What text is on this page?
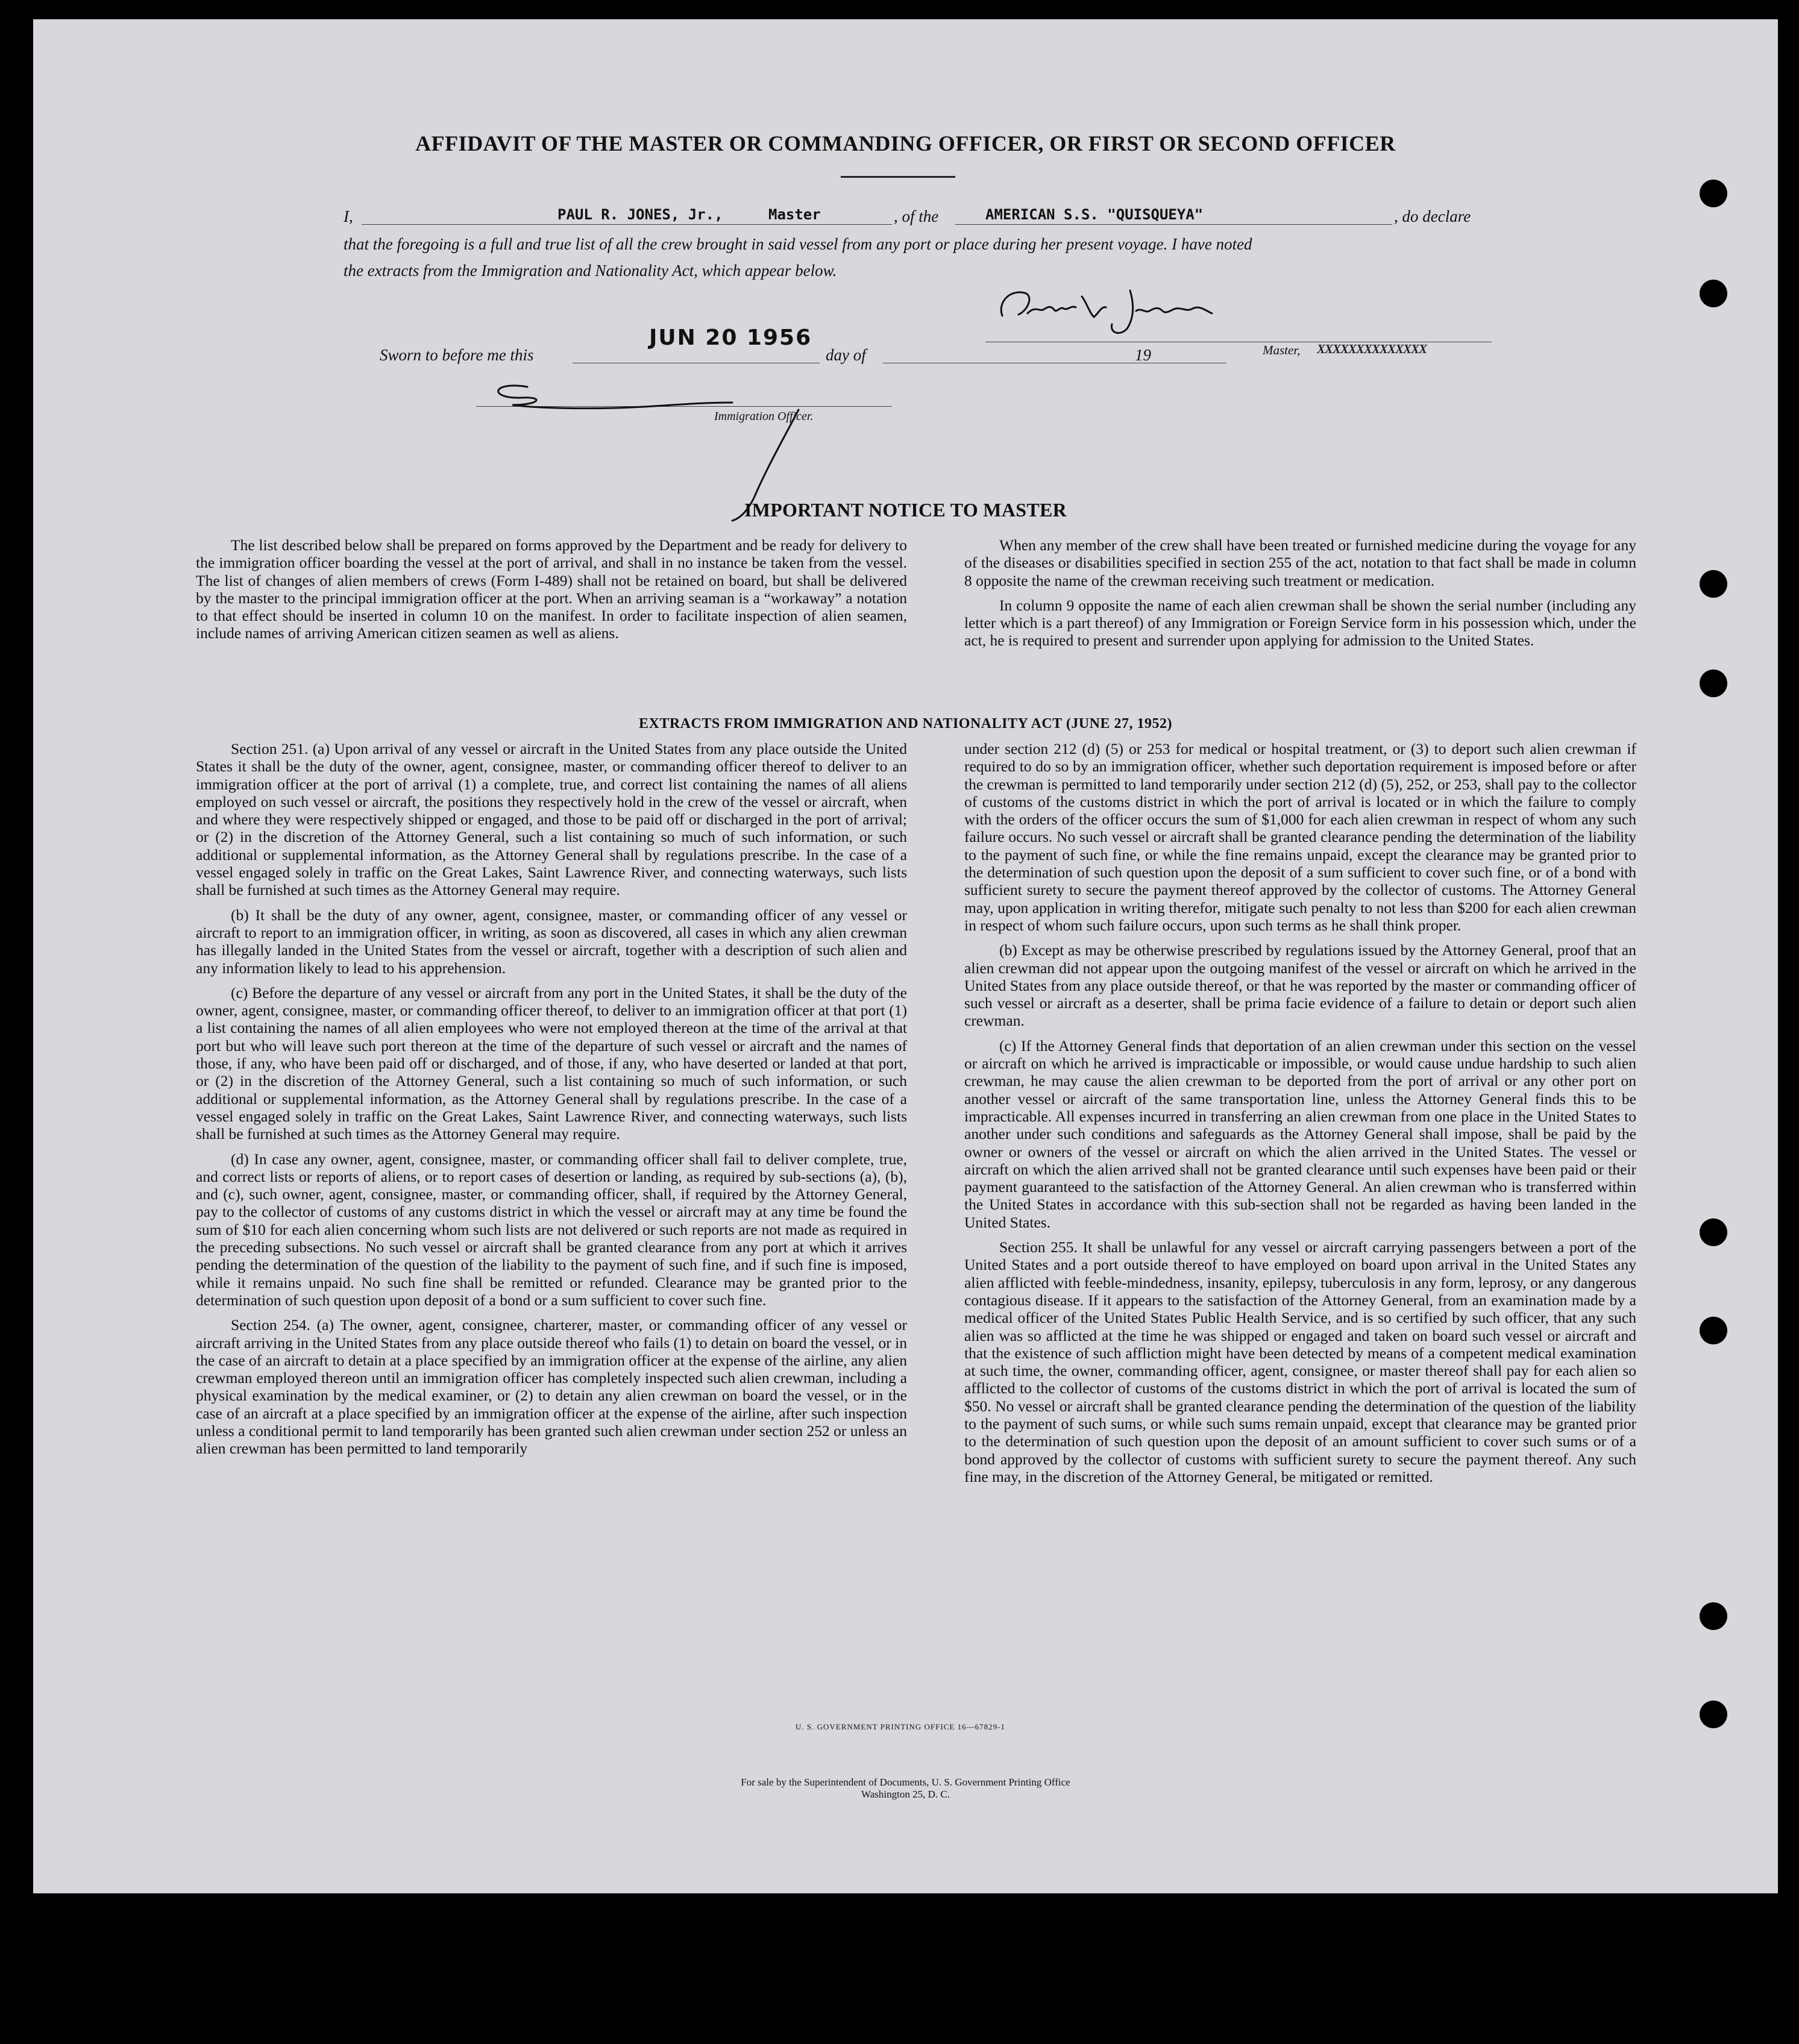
AFFIDAVIT OF THE MASTER OR COMMANDING OFFICER, OR FIRST OR SECOND OFFICER
I,	PAUL R. JONES, Jr.,	Master	, of the	AMERICAN S.S. "QUISQUEYA"	, do declare
that the foregoing is a full and true list of all the crew brought in said vessel from any port or place during her present voyage. I have noted
the extracts from the Immigration and Nationality Act, which appear below.
Sworn to before me this
JUN 20 1956
day of	19	Master, XXXXXXXXXXXXXX
Immigration Officer.
IMPORTANT NOTICE TO MASTER

The list described below shall be prepared on forms approved by the Department and be ready for delivery to the immigration officer boarding the vessel at the port of arrival, and shall in no instance be taken from the vessel. The list of changes of alien members of crews (Form I-489) shall not be retained on board, but shall be delivered by the master to the principal immigration officer at the port. When an arriving seaman is a “workaway” a notation to that effect should be inserted in column 10 on the manifest. In order to facilitate inspection of alien seamen, include names of arriving American citizen seamen as well as aliens.

When any member of the crew shall have been treated or furnished medicine during the voyage for any of the diseases or disabilities specified in section 255 of the act, notation to that fact shall be made in column 8 opposite the name of the crewman receiving such treatment or medication.

In column 9 opposite the name of each alien crewman shall be shown the serial number (including any letter which is a part thereof) of any Immigration or Foreign Service form in his possession which, under the act, he is required to present and surrender upon applying for admission to the United States.

EXTRACTS FROM IMMIGRATION AND NATIONALITY ACT (JUNE 27, 1952)

Section 251. (a) Upon arrival of any vessel or aircraft in the United States from any place outside the United States it shall be the duty of the owner, agent, consignee, master, or commanding officer thereof to deliver to an immigration officer at the port of arrival (1) a complete, true, and correct list containing the names of all aliens employed on such vessel or aircraft, the positions they respectively hold in the crew of the vessel or aircraft, when and where they were respectively shipped or engaged, and those to be paid off or discharged in the port of arrival; or (2) in the discretion of the Attorney General, such a list containing so much of such information, or such additional or supplemental information, as the Attorney General shall by regulations prescribe. In the case of a vessel engaged solely in traffic on the Great Lakes, Saint Lawrence River, and connecting waterways, such lists shall be furnished at such times as the Attorney General may require.

(b) It shall be the duty of any owner, agent, consignee, master, or commanding officer of any vessel or aircraft to report to an immigration officer, in writing, as soon as discovered, all cases in which any alien crewman has illegally landed in the United States from the vessel or aircraft, together with a description of such alien and any information likely to lead to his apprehension.

(c) Before the departure of any vessel or aircraft from any port in the United States, it shall be the duty of the owner, agent, consignee, master, or commanding officer thereof, to deliver to an immigration officer at that port (1) a list containing the names of all alien employees who were not employed thereon at the time of the arrival at that port but who will leave such port thereon at the time of the departure of such vessel or aircraft and the names of those, if any, who have been paid off or discharged, and of those, if any, who have deserted or landed at that port, or (2) in the discretion of the Attorney General, such a list containing so much of such information, or such additional or supplemental information, as the Attorney General shall by regulations prescribe. In the case of a vessel engaged solely in traffic on the Great Lakes, Saint Lawrence River, and connecting waterways, such lists shall be furnished at such times as the Attorney General may require.

(d) In case any owner, agent, consignee, master, or commanding officer shall fail to deliver complete, true, and correct lists or reports of aliens, or to report cases of desertion or landing, as required by sub-sections (a), (b), and (c), such owner, agent, consignee, master, or commanding officer, shall, if required by the Attorney General, pay to the collector of customs of any customs district in which the vessel or aircraft may at any time be found the sum of $10 for each alien concerning whom such lists are not delivered or such reports are not made as required in the preceding subsections. No such vessel or aircraft shall be granted clearance from any port at which it arrives pending the determination of the question of the liability to the payment of such fine, and if such fine is imposed, while it remains unpaid. No such fine shall be remitted or refunded. Clearance may be granted prior to the determination of such question upon deposit of a bond or a sum sufficient to cover such fine.

Section 254. (a) The owner, agent, consignee, charterer, master, or commanding officer of any vessel or aircraft arriving in the United States from any place outside thereof who fails (1) to detain on board the vessel, or in the case of an aircraft to detain at a place specified by an immigration officer at the expense of the airline, any alien crewman employed thereon until an immigration officer has completely inspected such alien crewman, including a physical examination by the medical examiner, or (2) to detain any alien crewman on board the vessel, or in the case of an aircraft at a place specified by an immigration officer at the expense of the airline, after such inspection unless a conditional permit to land temporarily has been granted such alien crewman under section 252 or unless an alien crewman has been permitted to land temporarily

under section 212 (d) (5) or 253 for medical or hospital treatment, or (3) to deport such alien crewman if required to do so by an immigration officer, whether such deportation requirement is imposed before or after the crewman is permitted to land temporarily under section 212 (d) (5), 252, or 253, shall pay to the collector of customs of the customs district in which the port of arrival is located or in which the failure to comply with the orders of the officer occurs the sum of $1,000 for each alien crewman in respect of whom any such failure occurs. No such vessel or aircraft shall be granted clearance pending the determination of the liability to the payment of such fine, or while the fine remains unpaid, except the clearance may be granted prior to the determination of such question upon the deposit of a sum sufficient to cover such fine, or of a bond with sufficient surety to secure the payment thereof approved by the collector of customs. The Attorney General may, upon application in writing therefor, mitigate such penalty to not less than $200 for each alien crewman in respect of whom such failure occurs, upon such terms as he shall think proper.

(b) Except as may be otherwise prescribed by regulations issued by the Attorney General, proof that an alien crewman did not appear upon the outgoing manifest of the vessel or aircraft on which he arrived in the United States from any place outside thereof, or that he was reported by the master or commanding officer of such vessel or aircraft as a deserter, shall be prima facie evidence of a failure to detain or deport such alien crewman.

(c) If the Attorney General finds that deportation of an alien crewman under this section on the vessel or aircraft on which he arrived is impracticable or impossible, or would cause undue hardship to such alien crewman, he may cause the alien crewman to be deported from the port of arrival or any other port on another vessel or aircraft of the same transportation line, unless the Attorney General finds this to be impracticable. All expenses incurred in transferring an alien crewman from one place in the United States to another under such conditions and safeguards as the Attorney General shall impose, shall be paid by the owner or owners of the vessel or aircraft on which the alien arrived in the United States. The vessel or aircraft on which the alien arrived shall not be granted clearance until such expenses have been paid or their payment guaranteed to the satisfaction of the Attorney General. An alien crewman who is transferred within the United States in accordance with this sub-section shall not be regarded as having been landed in the United States.

Section 255. It shall be unlawful for any vessel or aircraft carrying passengers between a port of the United States and a port outside thereof to have employed on board upon arrival in the United States any alien afflicted with feeble-mindedness, insanity, epilepsy, tuberculosis in any form, leprosy, or any dangerous contagious disease. If it appears to the satisfaction of the Attorney General, from an examination made by a medical officer of the United States Public Health Service, and is so certified by such officer, that any such alien was so afflicted at the time he was shipped or engaged and taken on board such vessel or aircraft and that the existence of such affliction might have been detected by means of a competent medical examination at such time, the owner, commanding officer, agent, consignee, or master thereof shall pay for each alien so afflicted to the collector of customs of the customs district in which the port of arrival is located the sum of $50. No vessel or aircraft shall be granted clearance pending the determination of the question of the liability to the payment of such sums, or while such sums remain unpaid, except that clearance may be granted prior to the determination of such question upon the deposit of an amount sufficient to cover such sums or of a bond approved by the collector of customs with sufficient surety to secure the payment thereof. Any such fine may, in the discretion of the Attorney General, be mitigated or remitted.

U. S. GOVERNMENT PRINTING OFFICE 16—67829-1
For sale by the Superintendent of Documents, U. S. Government Printing Office
Washington 25, D. C.
